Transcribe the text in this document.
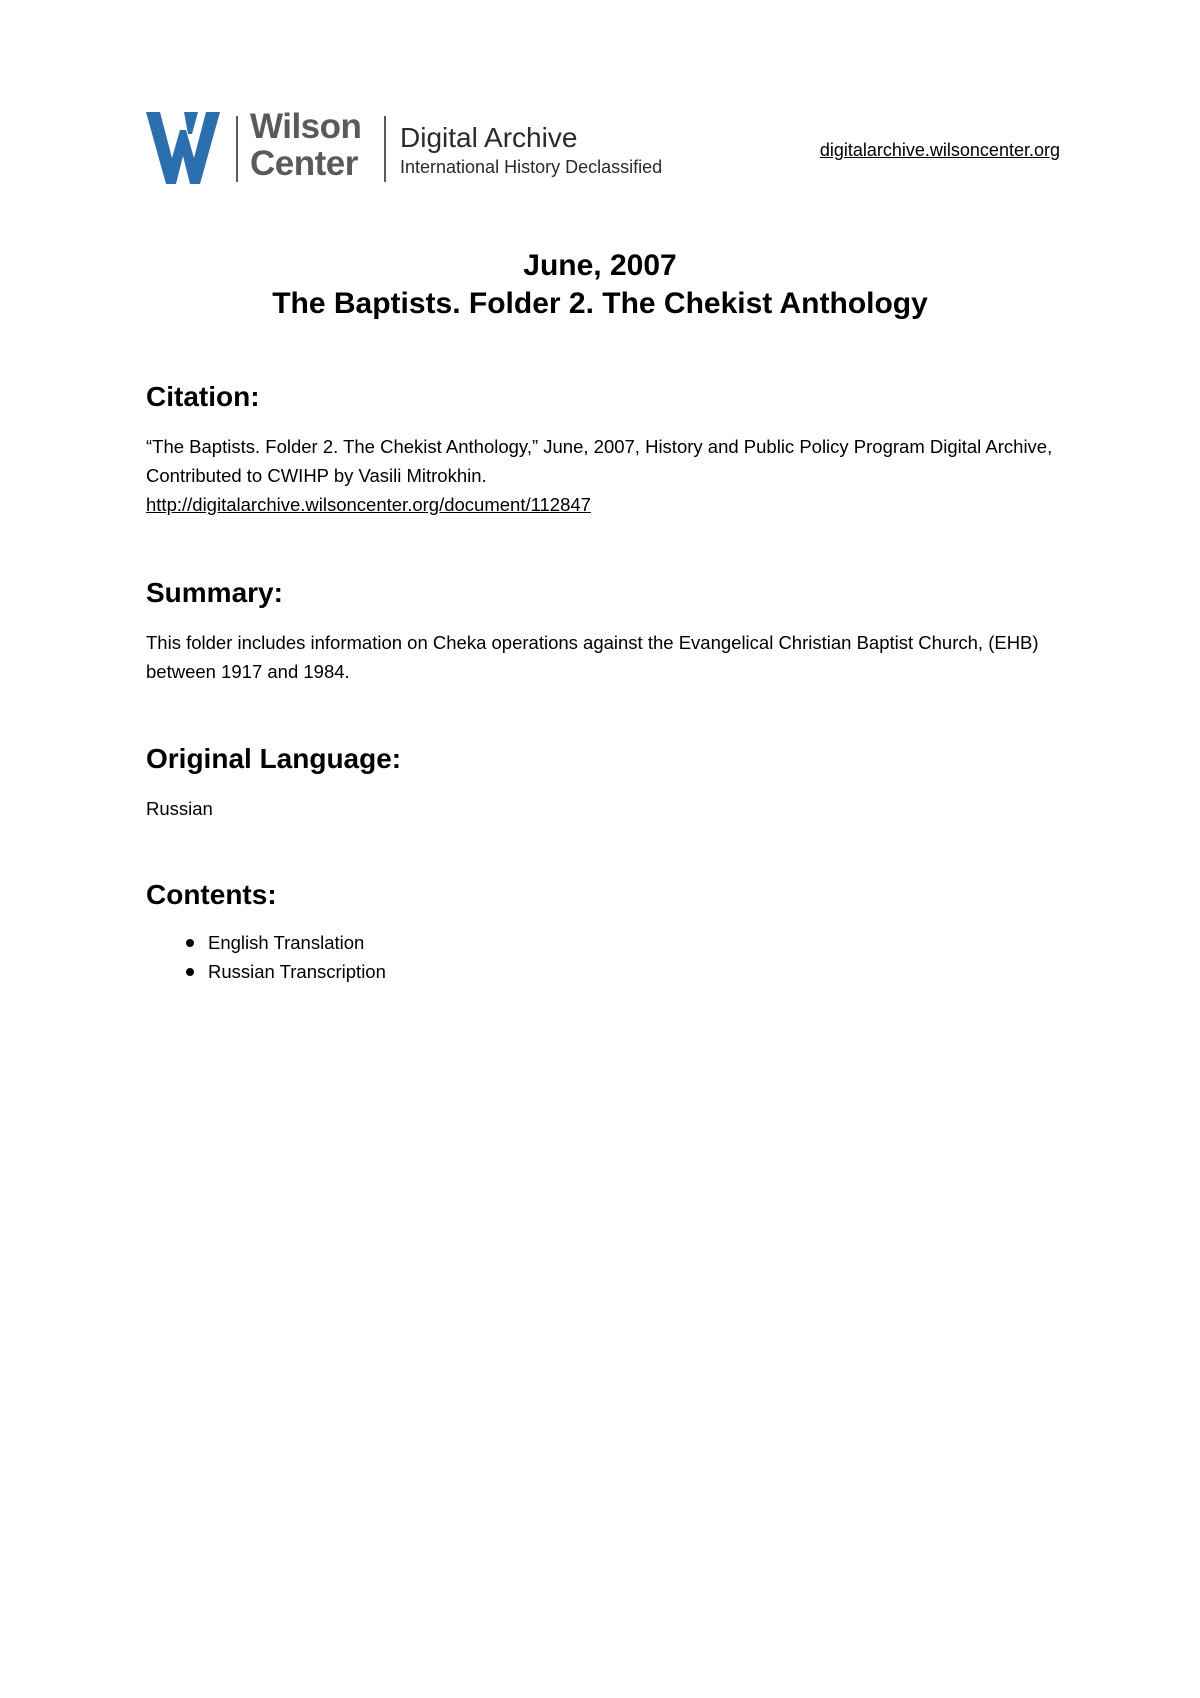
Wilson
Center
Digital Archive
International History Declassified
digitalarchive.wilsoncenter.org
June, 2007
The Baptists. Folder 2. The Chekist Anthology
Citation:
“The Baptists. Folder 2. The Chekist Anthology,” June, 2007, History and Public Policy Program Digital Archive, Contributed to CWIHP by Vasili Mitrokhin.
http://digitalarchive.wilsoncenter.org/document/112847
Summary:
This folder includes information on Cheka operations against the Evangelical Christian Baptist Church, (EHB) between 1917 and 1984.
Original Language:
Russian
Contents:
English Translation
Russian Transcription
